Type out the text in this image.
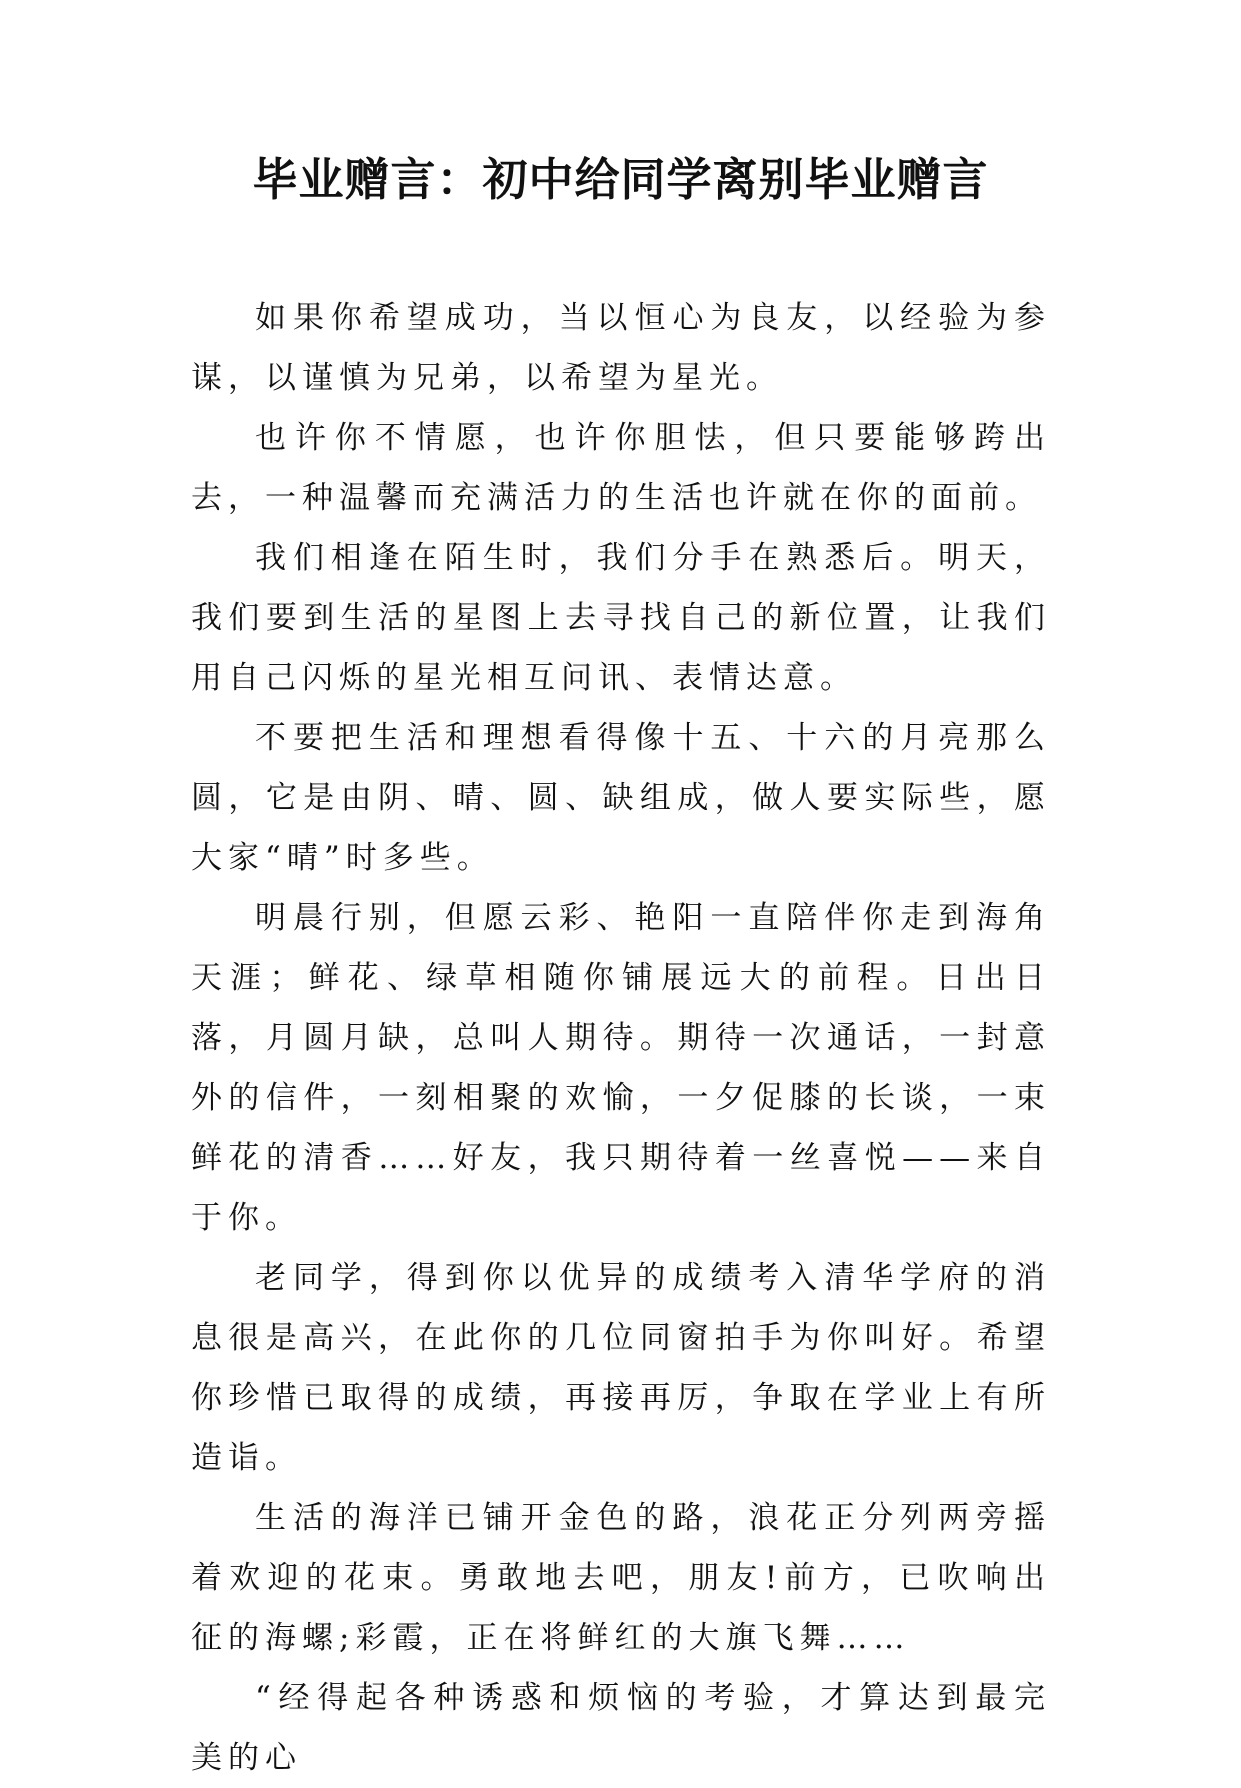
毕业赠言：初中给同学离别毕业赠言

如果你希望成功，当以恒心为良友，以经验为参谋，以谨慎为兄弟，以希望为星光。

也许你不情愿，也许你胆怯，但只要能够跨出去，一种温馨而充满活力的生活也许就在你的面前。

我们相逢在陌生时，我们分手在熟悉后。明天，我们要到生活的星图上去寻找自己的新位置，让我们用自己闪烁的星光相互问讯、表情达意。

不要把生活和理想看得像十五、十六的月亮那么圆，它是由阴、晴、圆、缺组成，做人要实际些，愿大家“晴”时多些。

明晨行别，但愿云彩、艳阳一直陪伴你走到海角天涯；鲜花、绿草相随你铺展远大的前程。日出日落，月圆月缺，总叫人期待。期待一次通话，一封意外的信件，一刻相聚的欢愉，一夕促膝的长谈，一束鲜花的清香……好友，我只期待着一丝喜悦——来自于你。

老同学，得到你以优异的成绩考入清华学府的消息很是高兴，在此你的几位同窗拍手为你叫好。希望你珍惜已取得的成绩，再接再厉，争取在学业上有所造诣。

生活的海洋已铺开金色的路，浪花正分列两旁摇着欢迎的花束。勇敢地去吧，朋友!前方，已吹响出征的海螺;彩霞，正在将鲜红的大旗飞舞……

“经得起各种诱惑和烦恼的考验，才算达到最完美的心
